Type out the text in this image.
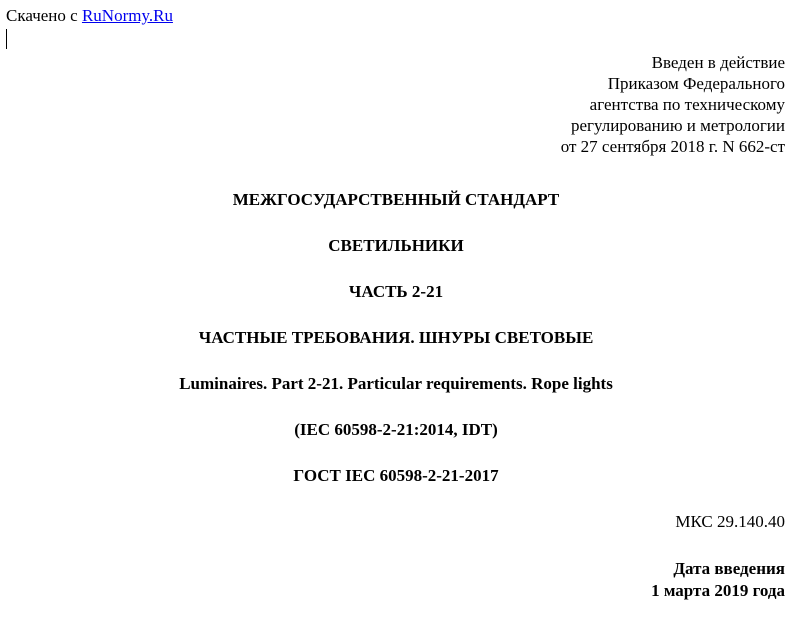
Скачено с RuNormy.Ru
Введен в действие
Приказом Федерального
агентства по техническому
регулированию и метрологии
от 27 сентября 2018 г. N 662-ст
МЕЖГОСУДАРСТВЕННЫЙ СТАНДАРТ
СВЕТИЛЬНИКИ
ЧАСТЬ 2-21
ЧАСТНЫЕ ТРЕБОВАНИЯ. ШНУРЫ СВЕТОВЫЕ
Luminaires. Part 2-21. Particular requirements. Rope lights
(IEC 60598-2-21:2014, IDT)
ГОСТ IEC 60598-2-21-2017
МКС 29.140.40
Дата введения
1 марта 2019 года
